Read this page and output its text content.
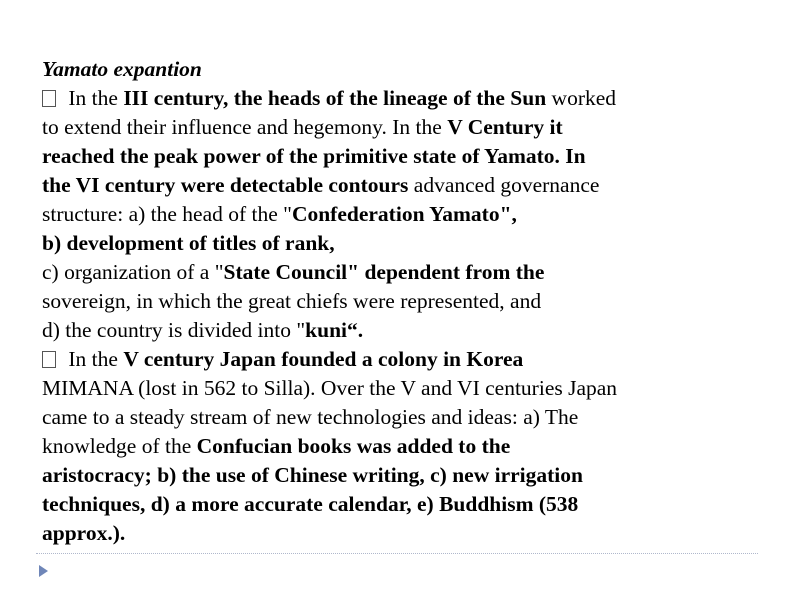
Yamato expantion
In the III century, the heads of the lineage of the Sun worked
to extend their influence and hegemony. In the V Century it
reached the peak power of the primitive state of Yamato. In
the VI century were detectable contours advanced governance
structure: a) the head of the "Confederation Yamato",
b) development of titles of rank,
c) organization of a "State Council" dependent from the
sovereign, in which the great chiefs were represented, and
d) the country is divided into "kuni“.
In the V century Japan founded a colony in Korea
MIMANA (lost in 562 to Silla). Over the V and VI centuries Japan
came to a steady stream of new technologies and ideas: a) The
knowledge of the Confucian books was added to the
aristocracy; b) the use of Chinese writing, c) new irrigation
techniques, d) a more accurate calendar, e) Buddhism (538
approx.).
